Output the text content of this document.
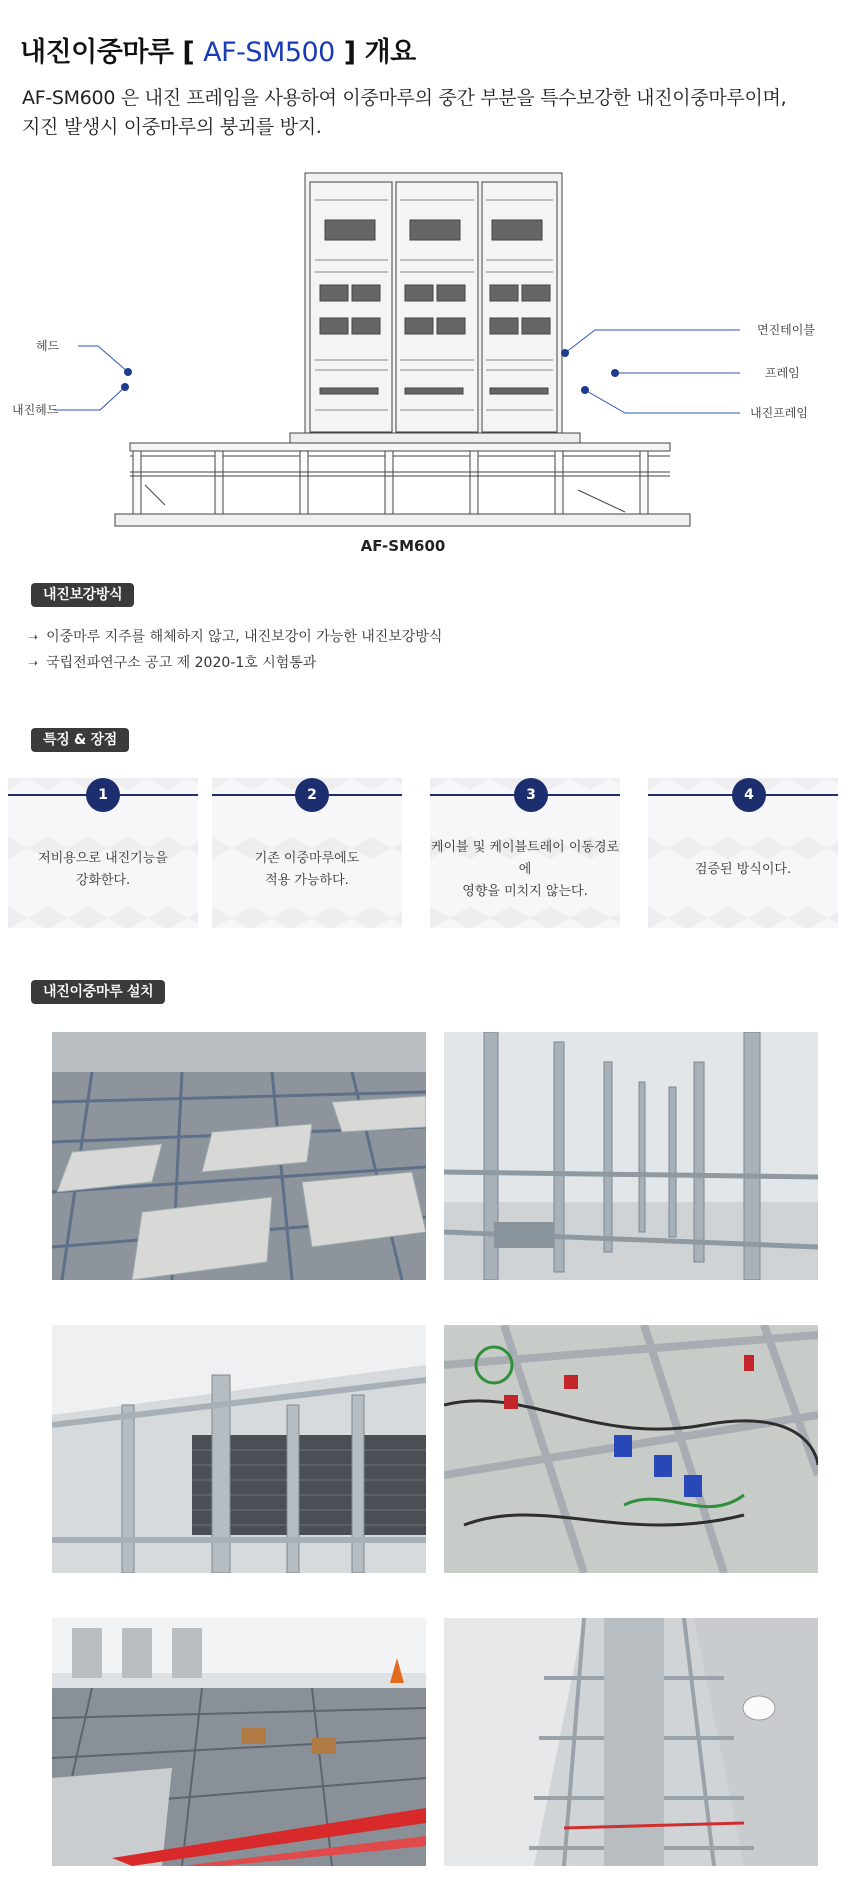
내진이중마루 [ AF-SM500 ] 개요
AF-SM600 은 내진 프레임을 사용하여 이중마루의 중간 부분을 특수보강한 내진이중마루이며,
지진 발생시 이중마루의 붕괴를 방지.
헤드
내진헤드
면진테이블
프레임
내진프레임
AF-SM600
내진보강방식
➝ 이중마루 지주를 해체하지 않고, 내진보강이 가능한 내진보강방식
➝ 국립전파연구소 공고 제 2020-1호 시험통과
특징 & 장점
1
저비용으로 내진기능을
강화한다.
2
기존 이중마루에도
적용 가능하다.
3
케이블 및 케이블트레이 이동경로에
영향을 미치지 않는다.
4
검증된 방식이다.
내진이중마루 설치
